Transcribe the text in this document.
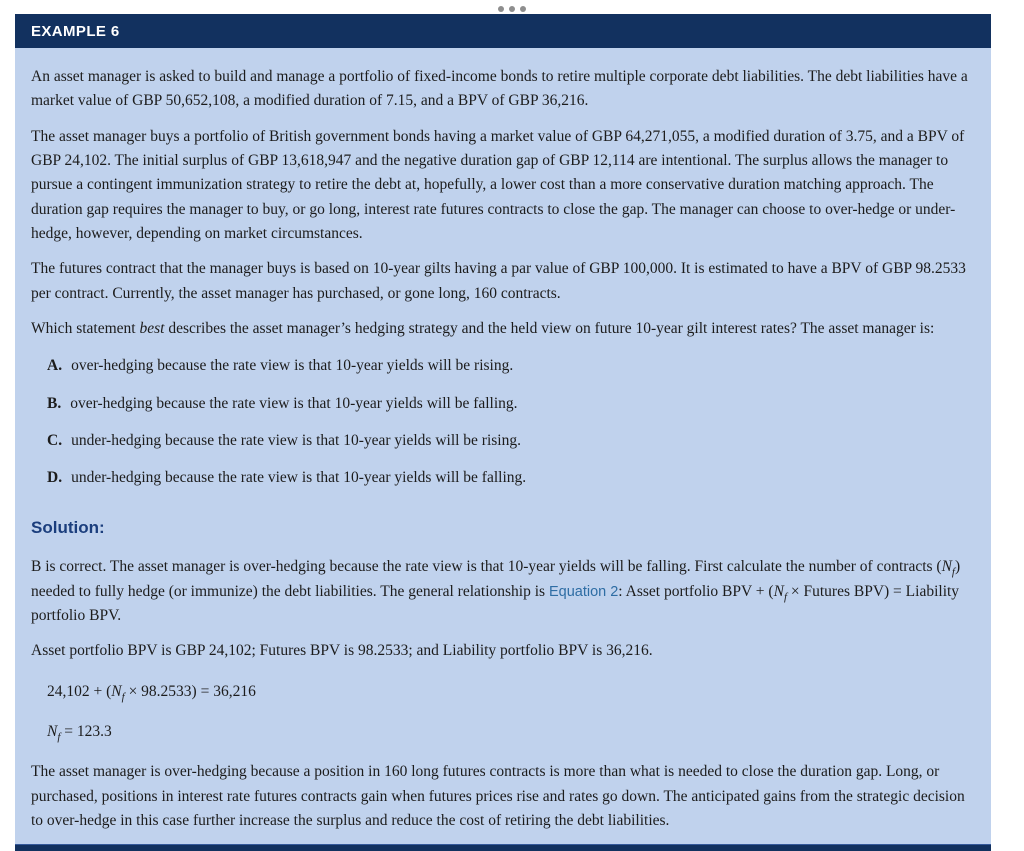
EXAMPLE 6

An asset manager is asked to build and manage a portfolio of fixed-income bonds to retire multiple corporate debt liabilities. The debt liabilities have a market value of GBP 50,652,108, a modified duration of 7.15, and a BPV of GBP 36,216.

The asset manager buys a portfolio of British government bonds having a market value of GBP 64,271,055, a modified duration of 3.75, and a BPV of GBP 24,102. The initial surplus of GBP 13,618,947 and the negative duration gap of GBP 12,114 are intentional. The surplus allows the manager to pursue a contingent immunization strategy to retire the debt at, hopefully, a lower cost than a more conservative duration matching approach. The duration gap requires the manager to buy, or go long, interest rate futures contracts to close the gap. The manager can choose to over-hedge or under-hedge, however, depending on market circumstances.

The futures contract that the manager buys is based on 10-year gilts having a par value of GBP 100,000. It is estimated to have a BPV of GBP 98.2533 per contract. Currently, the asset manager has purchased, or gone long, 160 contracts.

Which statement best describes the asset manager’s hedging strategy and the held view on future 10-year gilt interest rates? The asset manager is:

A. over-hedging because the rate view is that 10-year yields will be rising.
B. over-hedging because the rate view is that 10-year yields will be falling.
C. under-hedging because the rate view is that 10-year yields will be rising.
D. under-hedging because the rate view is that 10-year yields will be falling.
Solution:

B is correct. The asset manager is over-hedging because the rate view is that 10-year yields will be falling. First calculate the number of contracts $(N_f)$ needed to fully hedge (or immunize) the debt liabilities. The general relationship is Equation 2: Asset portfolio BPV + ($N_f$ × Futures BPV) = Liability portfolio BPV.

Asset portfolio BPV is GBP 24,102; Futures BPV is 98.2533; and Liability portfolio BPV is 36,216.

$24,102 + (N_f \times 98.2533) = 36,216$
$N_f = 123.3$

The asset manager is over-hedging because a position in 160 long futures contracts is more than what is needed to close the duration gap. Long, or purchased, positions in interest rate futures contracts gain when futures prices rise and rates go down. The anticipated gains from the strategic decision to over-hedge in this case further increase the surplus and reduce the cost of retiring the debt liabilities.
